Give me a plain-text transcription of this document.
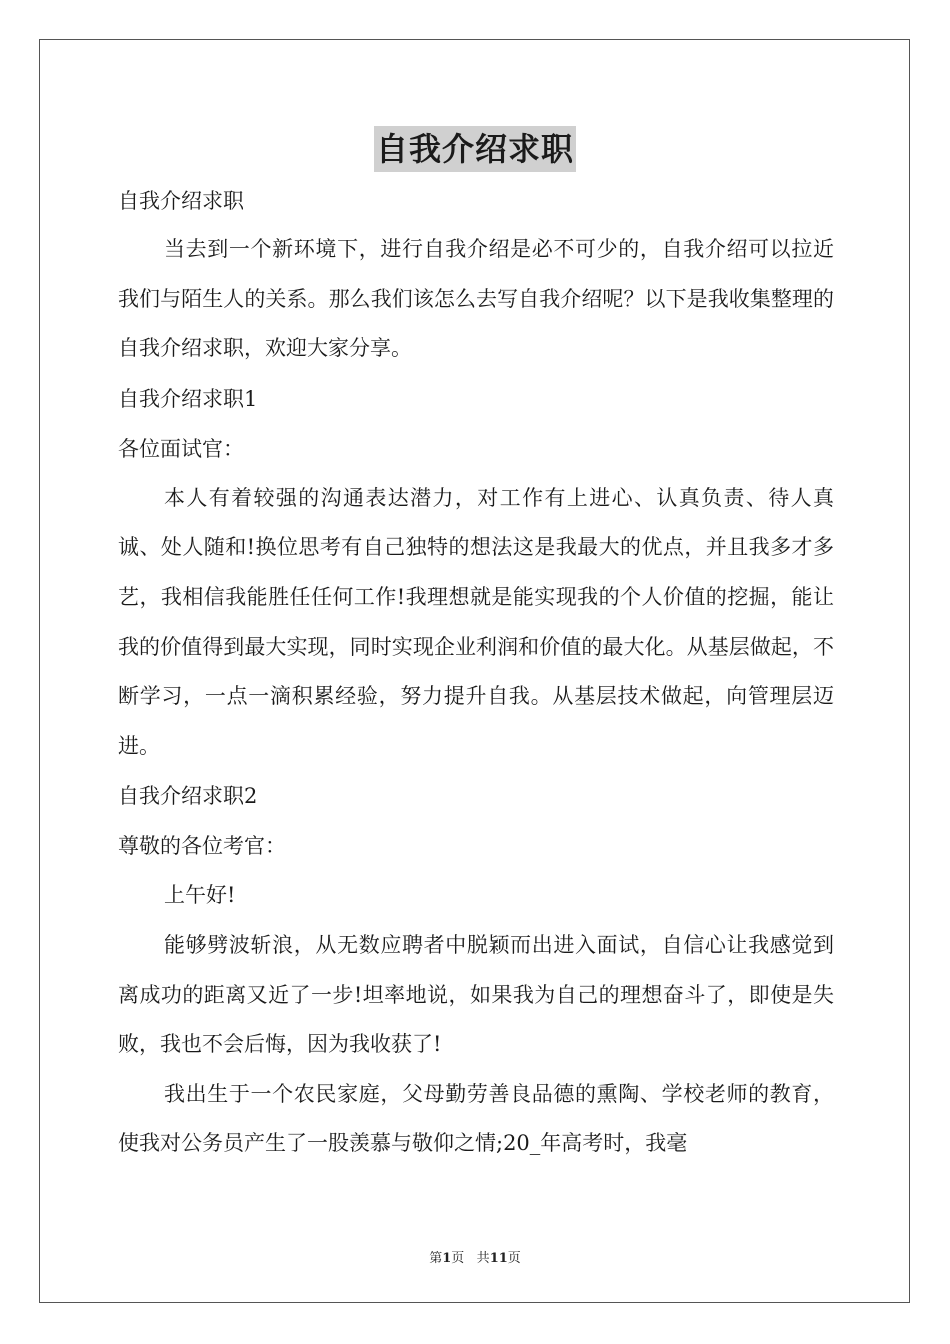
自我介绍求职
自我介绍求职

当去到一个新环境下，进行自我介绍是必不可少的，自我介绍可以拉近我们与陌生人的关系。那么我们该怎么去写自我介绍呢？以下是我收集整理的自我介绍求职，欢迎大家分享。

自我介绍求职1
各位面试官：

本人有着较强的沟通表达潜力，对工作有上进心、认真负责、待人真诚、处人随和!换位思考有自己独特的想法这是我最大的优点，并且我多才多艺，我相信我能胜任任何工作!我理想就是能实现我的个人价值的挖掘，能让我的价值得到最大实现，同时实现企业利润和价值的最大化。从基层做起，不断学习，一点一滴积累经验，努力提升自我。从基层技术做起，向管理层迈进。

自我介绍求职2
尊敬的各位考官：

上午好!

能够劈波斩浪，从无数应聘者中脱颖而出进入面试，自信心让我感觉到离成功的距离又近了一步!坦率地说，如果我为自己的理想奋斗了，即使是失败，我也不会后悔，因为我收获了!

我出生于一个农民家庭，父母勤劳善良品德的熏陶、学校老师的教育，使我对公务员产生了一股羡慕与敬仰之情;20_年高考时，我毫

第1页 共11页
